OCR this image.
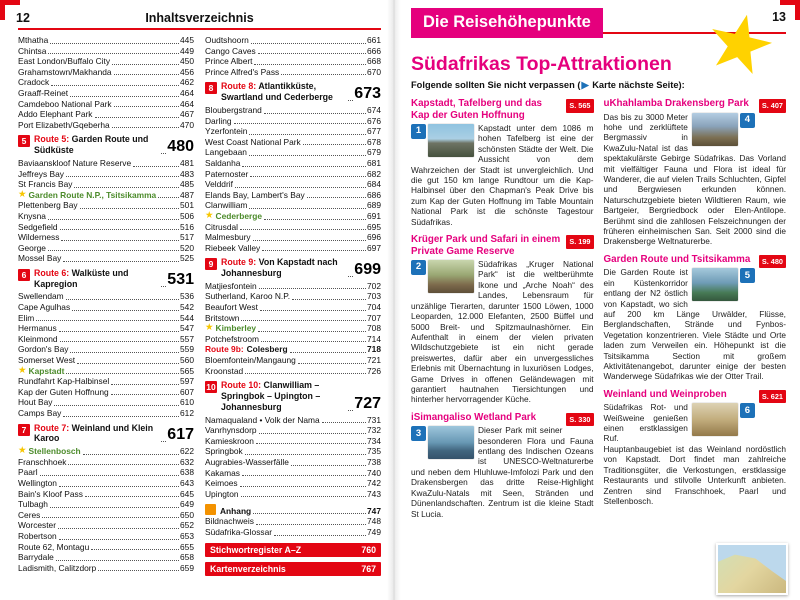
12	Inhaltsverzeichnis
Mthatha	445
Chintsa	449
East London/Buffalo City	450
Grahamstown/Makhanda	456
Cradock	462
Graaff-Reinet	464
Camdeboo National Park	464
Addo Elephant Park	467
Port Elizabeth/Gqeberha	470
5 Route 5: Garden Route und Südküste	480
Baviaanskloof Nature Reserve	481
Jeffreys Bay	483
St Francis Bay	485
★ Garden Route N.P., Tsitsikamma	487
Plettenberg Bay	501
Knysna	506
Sedgefield	516
Wilderness	517
George	520
Mossel Bay	525
6 Route 6: Walküste und Kapregion	531
Swellendam	536
Cape Agulhas	542
Elim	544
Hermanus	547
Kleinmond	557
Gordon's Bay	559
Somerset West	560
★ Kapstadt	565
Rundfahrt Kap-Halbinsel	597
Kap der Guten Hoffnung	607
Hout Bay	610
Camps Bay	612
7 Route 7: Weinland und Klein Karoo	617
★ Stellenbosch	622
Franschhoek	632
Paarl	638
Wellington	643
Bain's Kloof Pass	645
Tulbagh	649
Ceres	650
Worcester	652
Robertson	653
Route 62, Montagu	655
Barrydale	658
Ladismith, Calitzdorp	659
Oudtshoorn	661
Cango Caves	666
Prince Albert	668
Prince Alfred's Pass	670
8 Route 8: Atlantikküste, Swartland und Cederberge	673
Bloubergstrand	674
Darling	676
Yzerfontein	677
West Coast National Park	678
Langebaan	679
Saldanha	681
Paternoster	682
Velddrif	684
Elands Bay, Lambert's Bay	686
Clanwilliam	689
★ Cederberge	691
Citrusdal	695
Malmesbury	696
Riebeek Valley	697
9 Route 9: Von Kapstadt nach Johannesburg	699
Matjiesfontein	702
Sutherland, Karoo N.P.	703
Beaufort West	704
Britstown	707
★ Kimberley	708
Potchefstroom	714
Route 9b: Colesberg	718
Bloemfontein/Mangaung	721
Kroonstad	726
10 Route 10: Clanwilliam – Springbok – Upington – Johannesburg	727
Namaqualand • Volk der Nama	731
Vanrhynsdorp	732
Kamieskroon	734
Springbok	735
Augrabies-Wasserfälle	738
Kakamas	740
Keimoes	742
Upington	743
Anhang	747
Bildnachweis	748
Südafrika-Glossar	749
Stichwortregister A–Z	760
Kartenverzeichnis	767
Die Reisehöhepunkte	13
Südafrikas Top-Attraktionen

Folgende sollten Sie nicht verpassen (▶ Karte nächste Seite):

S. 565
Kapstadt, Tafelberg und das Kap der Guten Hoffnung
1	Kapstadt unter dem 1086 m hohen Tafelberg ist eine der schönsten Städte der Welt. Die Aussicht von dem Wahrzeichen der Stadt ist unvergleichlich. Und die gut 150 km lange Rundtour um die Kap-Halbinsel über den Chapman's Peak Drive bis zum Kap der Guten Hoffnung im Table Mountain National Park ist die schönste Tagestour Südafrikas.
S. 199
Krüger Park und Safari in einem Private Game Reserve
2	Südafrikas „Kruger National Park“ ist die weltberühmte Ikone und „Arche Noah“ des Landes, Lebensraum für unzählige Tierarten, darunter 1500 Löwen, 1000 Leoparden, 12.000 Elefanten, 2500 Büffel und 5000 Breit- und Spitzmaulnashörner. Ein Aufenthalt in einem der vielen privaten Wildschutzgebiete ist ein nicht gerade preiswertes, dafür aber ein unvergessliches Erlebnis mit Übernachtung in luxuriösen Lodges, Game Drives in offenen Geländewagen mit garantiert hautnahen Tiersichtungen und hinterher hervorragender Küche.
S. 330
iSimangaliso Wetland Park
3	Dieser Park mit seiner besonderen Flora und Fauna entlang des Indischen Ozeans ist UNESCO-Weltnaturerbe und neben dem Hluhluwe-Imfolozi Park und den Drakensbergen das dritte Reise-Highlight KwaZulu-Natals mit Seen, Stränden und Dünenlandschaften. Zentrum ist die kleine Stadt St Lucia.
S. 407
uKhahlamba Drakensberg Park
4
Das bis zu 3000 Meter hohe und zerklüftete Bergmassiv in KwaZulu-Natal ist das spektakulärste Gebirge Südafrikas. Das Vorland mit vielfältiger Fauna und Flora ist ideal für Wanderer, die auf vielen Trails Schluchten, Gipfel und Bergwiesen erkunden können. Naturschutzgebiete bieten Wildtieren Raum, wie Bartgeier, Bergriedbock oder Elen-Antilope. Berühmt sind die zahllosen Felszeichnungen der früheren einheimischen San. Seit 2000 sind die Drakensberge Weltnaturerbe.
S. 480
Garden Route und Tsitsikamma
5
Die Garden Route ist ein Küstenkorridor entlang der N2 östlich von Kapstadt, wo sich auf 200 km Länge Urwälder, Flüsse, Berglandschaften, Strände und Fynbos-Vegetation konzentrieren. Viele Städte und Orte laden zum Verweilen ein. Höhepunkt ist die Tsitsikamma Section mit großem Aktivitätenangebot, darunter einige der besten Wanderwege Südafrikas wie der Otter Trail.
S. 621
Weinland und Weinproben
6
Südafrikas Rot- und Weißweine genießen einen erstklassigen Ruf. Hauptanbaugebiet ist das Weinland nordöstlich von Kapstadt. Dort findet man zahlreiche Traditionsgüter, die Verkostungen, erstklassige Restaurants und stilvolle Unterkunft anbieten. Zentren sind Franschhoek, Paarl und Stellenbosch.
